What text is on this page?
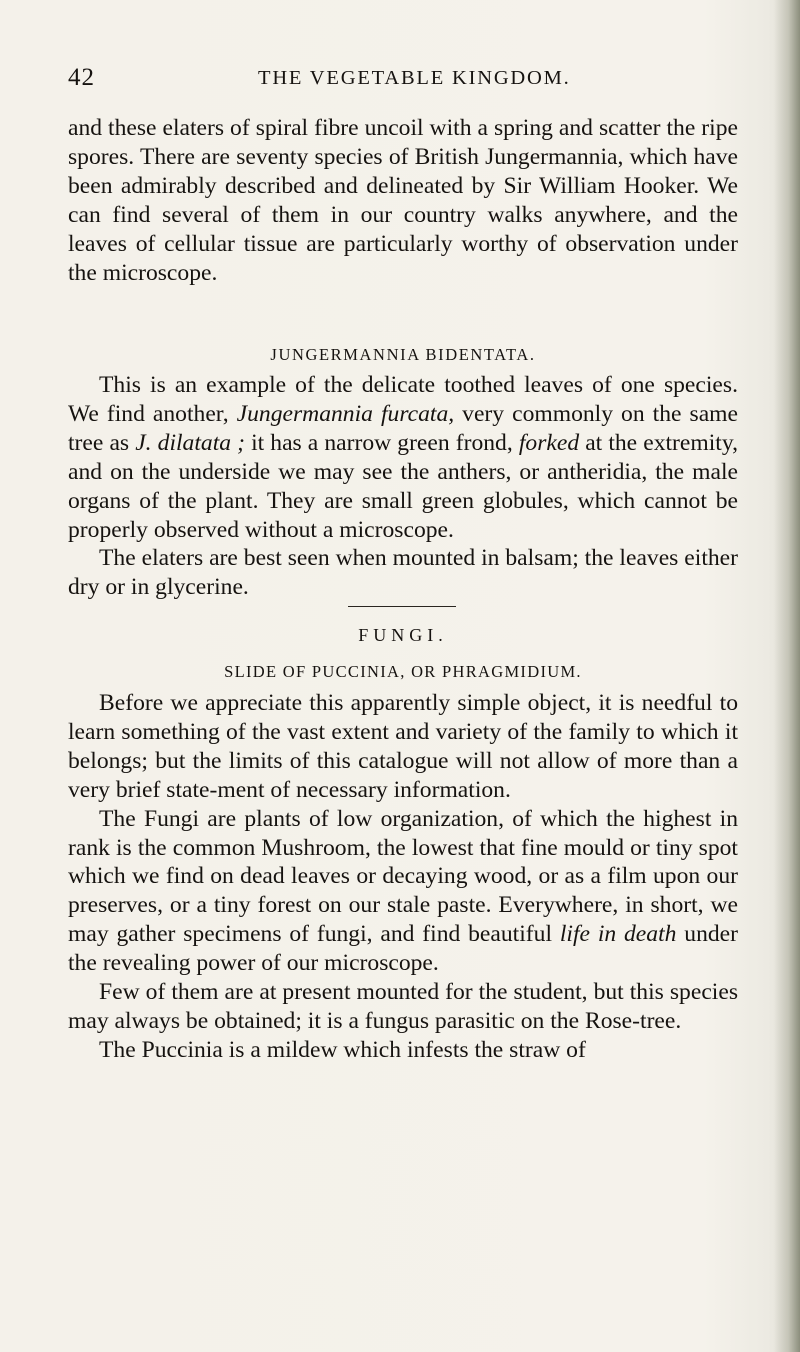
42	THE VEGETABLE KINGDOM.

and these elaters of spiral fibre uncoil with a spring and scatter the ripe spores. There are seventy species of British Jungermannia, which have been admirably described and delineated by Sir William Hooker. We can find several of them in our country walks anywhere, and the leaves of cellular tissue are particularly worthy of observation under the microscope.

JUNGERMANNIA BIDENTATA.

This is an example of the delicate toothed leaves of one species. We find another, Jungermannia furcata, very commonly on the same tree as J. dilatata ; it has a narrow green frond, forked at the extremity, and on the underside we may see the anthers, or antheridia, the male organs of the plant. They are small green globules, which cannot be properly observed without a microscope.

The elaters are best seen when mounted in balsam; the leaves either dry or in glycerine.

FUNGI.

SLIDE OF PUCCINIA, OR PHRAGMIDIUM.

Before we appreciate this apparently simple object, it is needful to learn something of the vast extent and variety of the family to which it belongs; but the limits of this catalogue will not allow of more than a very brief state-ment of necessary information.

The Fungi are plants of low organization, of which the highest in rank is the common Mushroom, the lowest that fine mould or tiny spot which we find on dead leaves or decaying wood, or as a film upon our preserves, or a tiny forest on our stale paste. Everywhere, in short, we may gather specimens of fungi, and find beautiful life in death under the revealing power of our microscope.

Few of them are at present mounted for the student, but this species may always be obtained; it is a fungus parasitic on the Rose-tree.

The Puccinia is a mildew which infests the straw of
